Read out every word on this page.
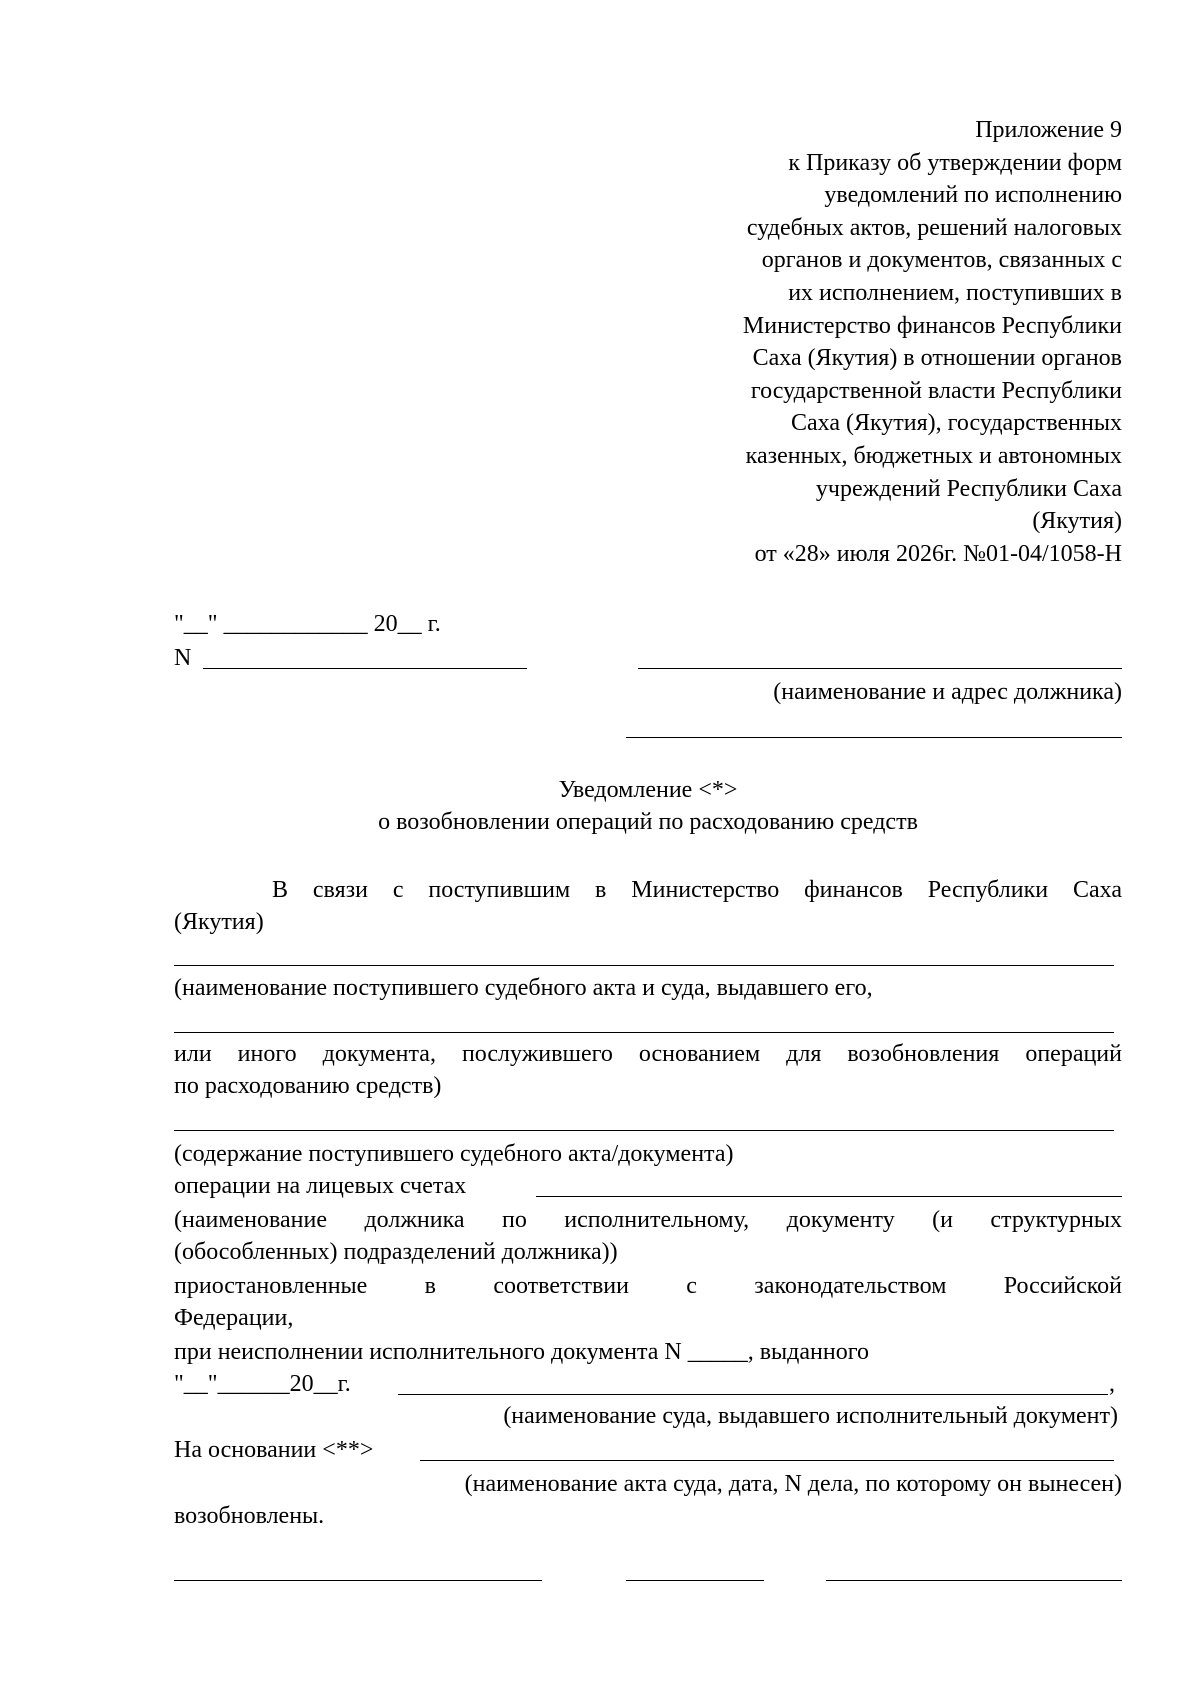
Приложение 9
к Приказу об утверждении форм
уведомлений по исполнению
судебных актов, решений налоговых
органов и документов, связанных с
их исполнением, поступивших в
Министерство финансов Республики
Саха (Якутия) в отношении органов
государственной власти Республики
Саха (Якутия), государственных
казенных, бюджетных и автономных
учреждений Республики Саха
(Якутия)
от «28» июля 2026г. №01-04/1058-Н
"__" ____________ 20__ г.
N
(наименование и адрес должника)
Уведомление <*>
о возобновлении операций по расходованию средств
В связи с поступившим в Министерство финансов Республики Саха
(Якутия)
(наименование поступившего судебного акта и суда, выдавшего его,
или иного документа, послужившего основанием для возобновления операций
по расходованию средств)
(содержание поступившего судебного акта/документа)
операции на лицевых счетах
(наименование должника по исполнительному, документу (и структурных
(обособленных) подразделений должника))
приостановленные в соответствии с законодательством Российской
Федерации,
при неисполнении исполнительного документа N _____, выданного
"__"______20__г.	,
(наименование суда, выдавшего исполнительный документ)
На основании <**>
(наименование акта суда, дата, N дела, по которому он вынесен)
возобновлены.
